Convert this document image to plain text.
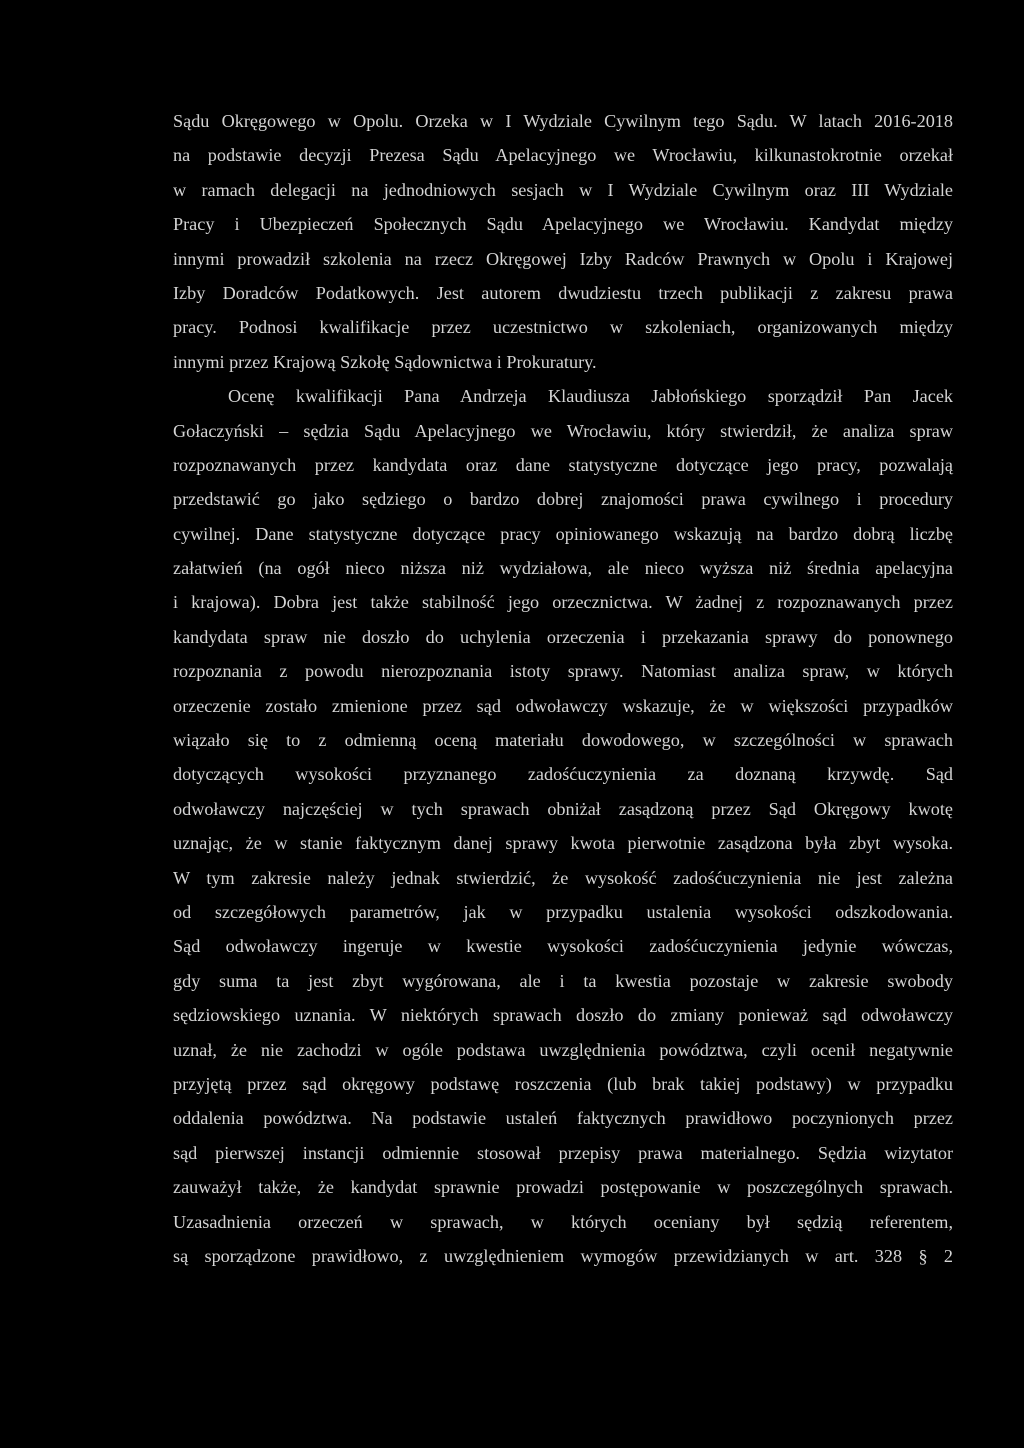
Sądu Okręgowego w Opolu. Orzeka w I Wydziale Cywilnym tego Sądu. W latach 2016-2018
na podstawie decyzji Prezesa Sądu Apelacyjnego we Wrocławiu, kilkunastokrotnie orzekał
w ramach delegacji na jednodniowych sesjach w I Wydziale Cywilnym oraz III Wydziale
Pracy i Ubezpieczeń Społecznych Sądu Apelacyjnego we Wrocławiu. Kandydat między
innymi prowadził szkolenia na rzecz Okręgowej Izby Radców Prawnych w Opolu i Krajowej
Izby Doradców Podatkowych. Jest autorem dwudziestu trzech publikacji z zakresu prawa
pracy. Podnosi kwalifikacje przez uczestnictwo w szkoleniach, organizowanych między
innymi przez Krajową Szkołę Sądownictwa i Prokuratury.
Ocenę kwalifikacji Pana Andrzeja Klaudiusza Jabłońskiego sporządził Pan Jacek
Gołaczyński – sędzia Sądu Apelacyjnego we Wrocławiu, który stwierdził, że analiza spraw
rozpoznawanych przez kandydata oraz dane statystyczne dotyczące jego pracy, pozwalają
przedstawić go jako sędziego o bardzo dobrej znajomości prawa cywilnego i procedury
cywilnej. Dane statystyczne dotyczące pracy opiniowanego wskazują na bardzo dobrą liczbę
załatwień (na ogół nieco niższa niż wydziałowa, ale nieco wyższa niż średnia apelacyjna
i krajowa). Dobra jest także stabilność jego orzecznictwa. W żadnej z rozpoznawanych przez
kandydata spraw nie doszło do uchylenia orzeczenia i przekazania sprawy do ponownego
rozpoznania z powodu nierozpoznania istoty sprawy. Natomiast analiza spraw, w których
orzeczenie zostało zmienione przez sąd odwoławczy wskazuje, że w większości przypadków
wiązało się to z odmienną oceną materiału dowodowego, w szczególności w sprawach
dotyczących wysokości przyznanego zadośćuczynienia za doznaną krzywdę. Sąd
odwoławczy najczęściej w tych sprawach obniżał zasądzoną przez Sąd Okręgowy kwotę
uznając, że w stanie faktycznym danej sprawy kwota pierwotnie zasądzona była zbyt wysoka.
W tym zakresie należy jednak stwierdzić, że wysokość zadośćuczynienia nie jest zależna
od szczegółowych parametrów, jak w przypadku ustalenia wysokości odszkodowania.
Sąd odwoławczy ingeruje w kwestie wysokości zadośćuczynienia jedynie wówczas,
gdy suma ta jest zbyt wygórowana, ale i ta kwestia pozostaje w zakresie swobody
sędziowskiego uznania. W niektórych sprawach doszło do zmiany ponieważ sąd odwoławczy
uznał, że nie zachodzi w ogóle podstawa uwzględnienia powództwa, czyli ocenił negatywnie
przyjętą przez sąd okręgowy podstawę roszczenia (lub brak takiej podstawy) w przypadku
oddalenia powództwa. Na podstawie ustaleń faktycznych prawidłowo poczynionych przez
sąd pierwszej instancji odmiennie stosował przepisy prawa materialnego. Sędzia wizytator
zauważył także, że kandydat sprawnie prowadzi postępowanie w poszczególnych sprawach.
Uzasadnienia orzeczeń w sprawach, w których oceniany był sędzią referentem,
są sporządzone prawidłowo, z uwzględnieniem wymogów przewidzianych w art. 328 § 2
